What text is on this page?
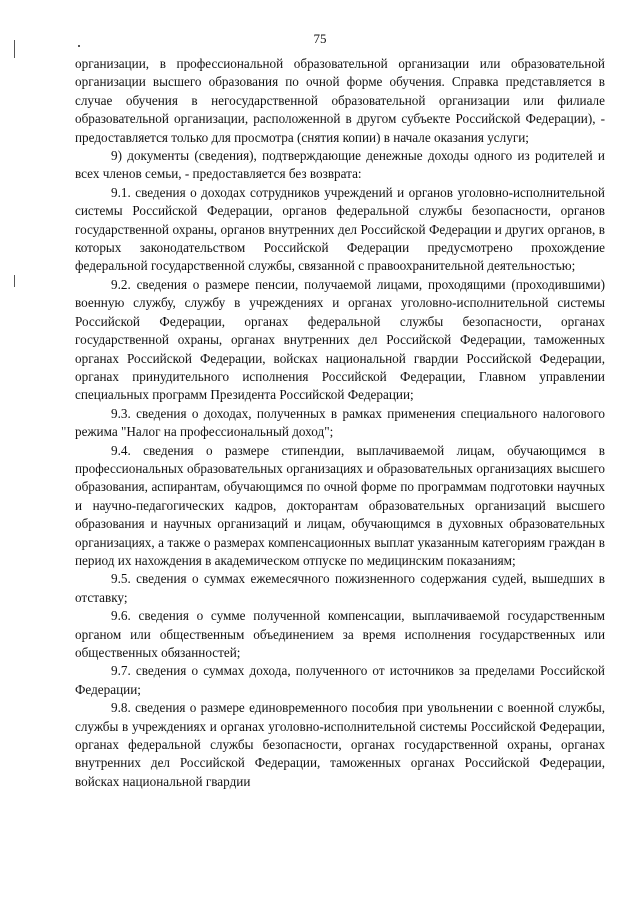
75

организации, в профессиональной образовательной организации или образовательной организации высшего образования по очной форме обучения. Справка представляется в случае обучения в негосударственной образовательной организации или филиале образовательной организации, расположенной в другом субъекте Российской Федерации), - предоставляется только для просмотра (снятия копии) в начале оказания услуги;

9) документы (сведения), подтверждающие денежные доходы одного из родителей и всех членов семьи, - предоставляется без возврата:

9.1. сведения о доходах сотрудников учреждений и органов уголовно-исполнительной системы Российской Федерации, органов федеральной службы безопасности, органов государственной охраны, органов внутренних дел Российской Федерации и других органов, в которых законодательством Российской Федерации предусмотрено прохождение федеральной государственной службы, связанной с правоохранительной деятельностью;

9.2. сведения о размере пенсии, получаемой лицами, проходящими (проходившими) военную службу, службу в учреждениях и органах уголовно-исполнительной системы Российской Федерации, органах федеральной службы безопасности, органах государственной охраны, органах внутренних дел Российской Федерации, таможенных органах Российской Федерации, войсках национальной гвардии Российской Федерации, органах принудительного исполнения Российской Федерации, Главном управлении специальных программ Президента Российской Федерации;

9.3. сведения о доходах, полученных в рамках применения специального налогового режима "Налог на профессиональный доход";

9.4. сведения о размере стипендии, выплачиваемой лицам, обучающимся в профессиональных образовательных организациях и образовательных организациях высшего образования, аспирантам, обучающимся по очной форме по программам подготовки научных и научно-педагогических кадров, докторантам образовательных организаций высшего образования и научных организаций и лицам, обучающимся в духовных образовательных организациях, а также о размерах компенсационных выплат указанным категориям граждан в период их нахождения в академическом отпуске по медицинским показаниям;

9.5. сведения о суммах ежемесячного пожизненного содержания судей, вышедших в отставку;

9.6. сведения о сумме полученной компенсации, выплачиваемой государственным органом или общественным объединением за время исполнения государственных или общественных обязанностей;

9.7. сведения о суммах дохода, полученного от источников за пределами Российской Федерации;

9.8. сведения о размере единовременного пособия при увольнении с военной службы, службы в учреждениях и органах уголовно-исполнительной системы Российской Федерации, органах федеральной службы безопасности, органах государственной охраны, органах внутренних дел Российской Федерации, таможенных органах Российской Федерации, войсках национальной гвардии
